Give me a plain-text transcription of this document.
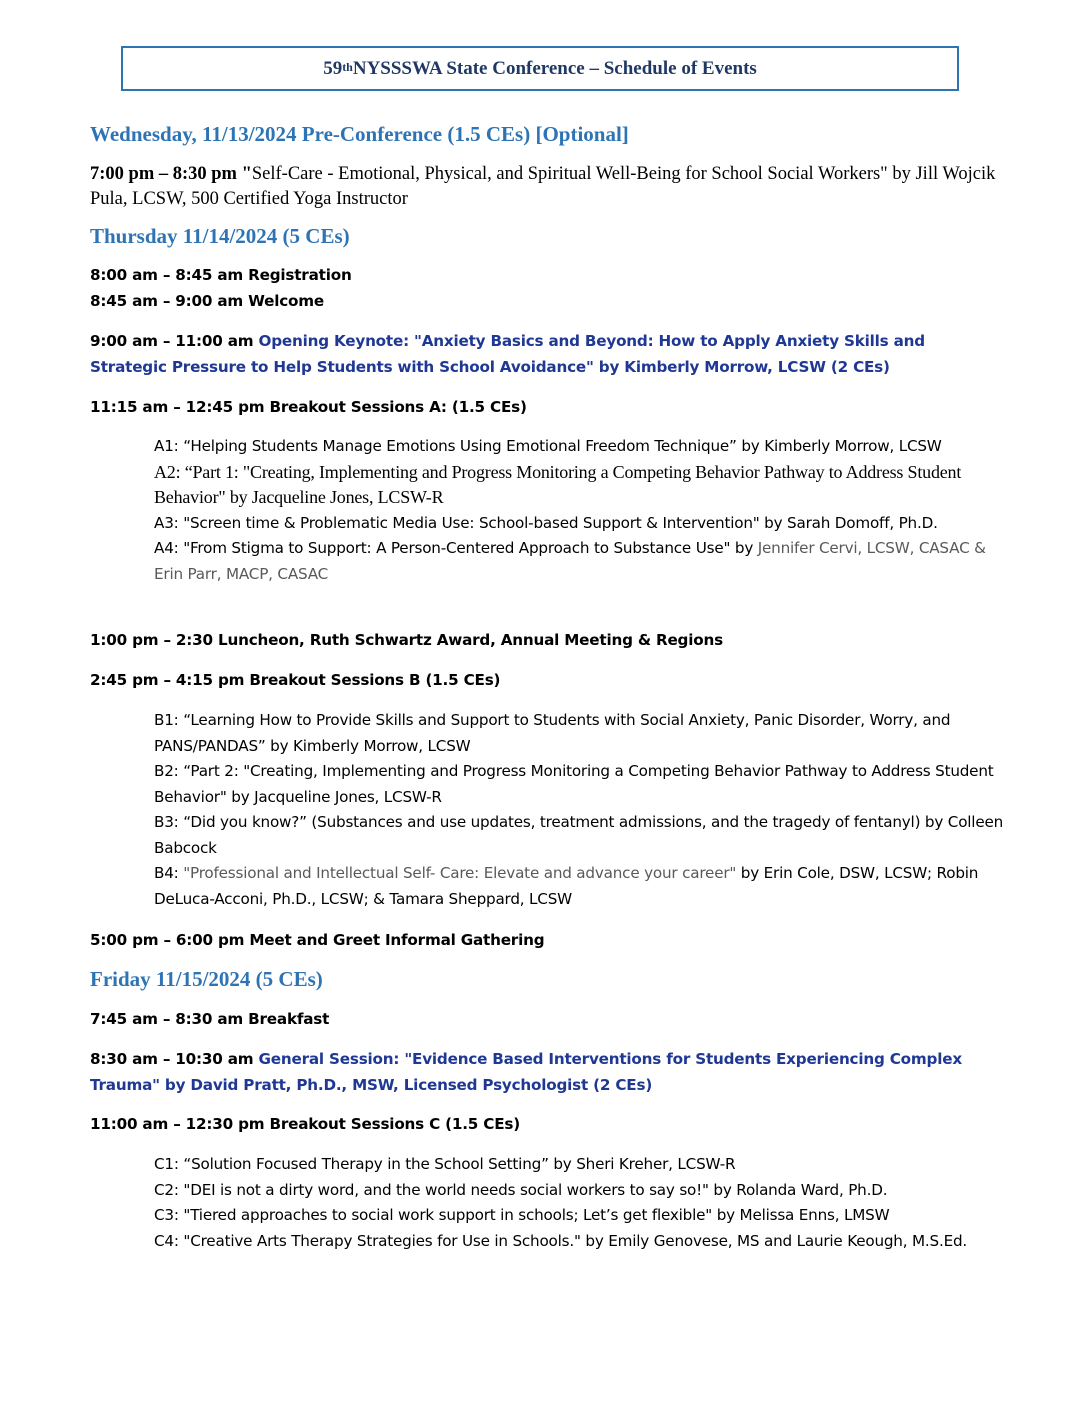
59th NYSSSWA State Conference – Schedule of Events
Wednesday, 11/13/2024 Pre-Conference (1.5 CEs) [Optional]
7:00 pm – 8:30 pm "Self-Care - Emotional, Physical, and Spiritual Well-Being for School Social Workers" by Jill Wojcik Pula, LCSW, 500 Certified Yoga Instructor
Thursday 11/14/2024 (5 CEs)
8:00 am – 8:45 am Registration
8:45 am – 9:00 am Welcome
9:00 am – 11:00 am Opening Keynote: "Anxiety Basics and Beyond: How to Apply Anxiety Skills and Strategic Pressure to Help Students with School Avoidance" by Kimberly Morrow, LCSW (2 CEs)
11:15 am – 12:45 pm Breakout Sessions A: (1.5 CEs)
A1: “Helping Students Manage Emotions Using Emotional Freedom Technique” by Kimberly Morrow, LCSW
A2: “Part 1: "Creating, Implementing and Progress Monitoring a Competing Behavior Pathway to Address Student Behavior" by Jacqueline Jones, LCSW-R
A3: "Screen time & Problematic Media Use: School-based Support & Intervention" by Sarah Domoff, Ph.D.
A4: "From Stigma to Support: A Person-Centered Approach to Substance Use" by Jennifer Cervi, LCSW, CASAC & Erin Parr, MACP, CASAC
1:00 pm – 2:30 Luncheon, Ruth Schwartz Award, Annual Meeting & Regions
2:45 pm – 4:15 pm Breakout Sessions B (1.5 CEs)
B1: “Learning How to Provide Skills and Support to Students with Social Anxiety, Panic Disorder, Worry, and PANS/PANDAS” by Kimberly Morrow, LCSW
B2: “Part 2: "Creating, Implementing and Progress Monitoring a Competing Behavior Pathway to Address Student Behavior" by Jacqueline Jones, LCSW-R
B3: “Did you know?” (Substances and use updates, treatment admissions, and the tragedy of fentanyl) by Colleen Babcock
B4: "Professional and Intellectual Self- Care: Elevate and advance your career" by Erin Cole, DSW, LCSW; Robin DeLuca-Acconi, Ph.D., LCSW; & Tamara Sheppard, LCSW
5:00 pm – 6:00 pm Meet and Greet Informal Gathering
Friday 11/15/2024 (5 CEs)
7:45 am – 8:30 am Breakfast
8:30 am – 10:30 am General Session: "Evidence Based Interventions for Students Experiencing Complex Trauma" by David Pratt, Ph.D., MSW, Licensed Psychologist (2 CEs)
11:00 am – 12:30 pm Breakout Sessions C (1.5 CEs)
C1: “Solution Focused Therapy in the School Setting” by Sheri Kreher, LCSW-R
C2: "DEI is not a dirty word, and the world needs social workers to say so!" by Rolanda Ward, Ph.D.
C3: "Tiered approaches to social work support in schools; Let’s get flexible" by Melissa Enns, LMSW
C4: "Creative Arts Therapy Strategies for Use in Schools." by Emily Genovese, MS and Laurie Keough, M.S.Ed.
